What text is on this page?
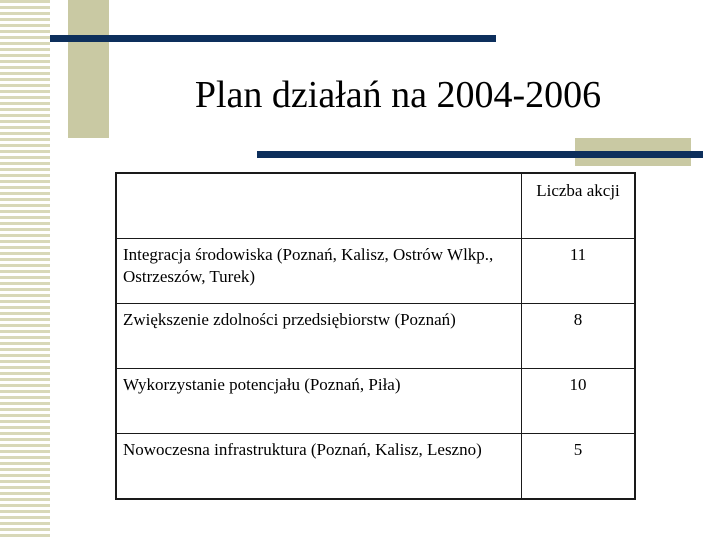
Plan działań na 2004-2006
	Liczba akcji
Integracja środowiska (Poznań, Kalisz, Ostrów Wlkp., Ostrzeszów, Turek)	11
Zwiększenie zdolności przedsiębiorstw (Poznań)	8
Wykorzystanie potencjału (Poznań, Piła)	10
Nowoczesna infrastruktura (Poznań, Kalisz, Leszno)	5
